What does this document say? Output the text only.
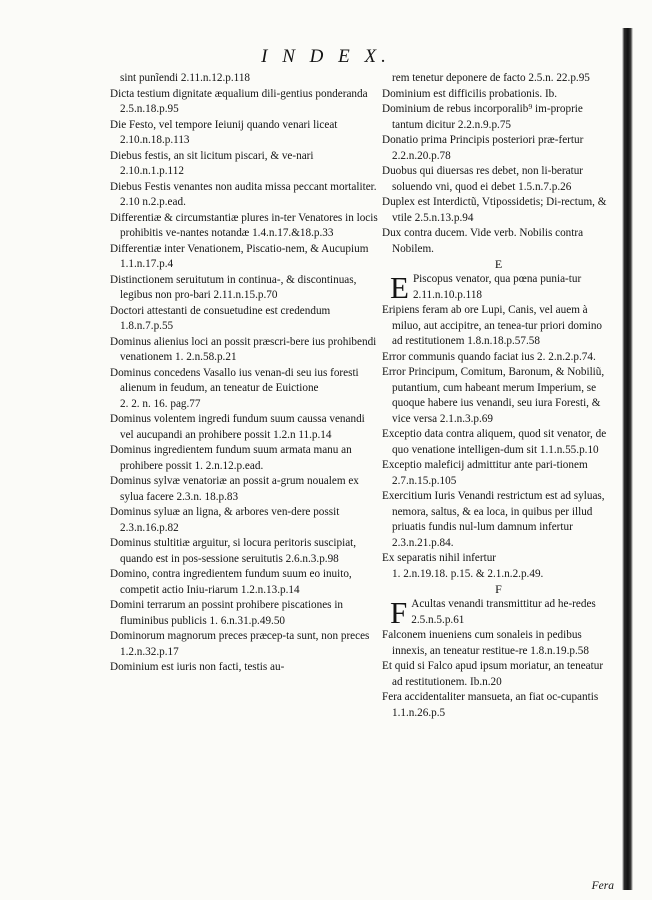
I N D E X.
sint punĩendi 2.11.n.12.p.118
Dicta testium dignitate æqualium dili-gentius ponderanda 2.5.n.18.p.95
Die Festo, vel tempore Ieiunij quando venari liceat 2.10.n.18.p.113
Diebus festis, an sit licitum piscari, & ve-nari 2.10.n.1.p.112
Diebus Festis venantes non audita missa peccant mortaliter. 2.10 n.2.p.ead.
Differentiæ & circumstantiæ plures in-ter Venatores in locis prohibitis ve-nantes notandæ 1.4.n.17.&18.p.33
Differentiæ inter Venationem, Piscatio-nem, & Aucupium 1.1.n.17.p.4
Distinctionem seruitutum in continua-, & discontinuas, legibus non pro-bari 2.11.n.15.p.70
Doctori attestanti de consuetudine est credendum 1.8.n.7.p.55
Dominus alienius loci an possit præscri-bere ius prohibendi venationem 1. 2.n.58.p.21
Dominus concedens Vasallo ius venan-di seu ius foresti alienum in feudum, an teneatur de Euictione 2. 2. n. 16. pag.77
Dominus volentem ingredi fundum suum caussa venandi vel aucupandi an prohibere possit 1.2.n 11.p.14
Dominus ingredientem fundum suum armata manu an prohibere possit 1. 2.n.12.p.ead.
Dominus sylvæ venatoriæ an possit a-grum noualem ex sylua facere 2.3.n. 18.p.83
Dominus syluæ an ligna, & arbores ven-dere possit 2.3.n.16.p.82
Dominus stultitiæ arguitur, si locura peritoris suscipiat, quando est in pos-sessione seruitutis 2.6.n.3.p.98
Domino, contra ingredientem fundum suum eo inuito, competit actio Iniu-riarum 1.2.n.13.p.14
Domini terrarum an possint prohibere piscationes in fluminibus publicis 1. 6.n.31.p.49.50
Dominorum magnorum preces præcep-ta sunt, non preces 1.2.n.32.p.17
Dominium est iuris non facti, testis au-
rem tenetur deponere de facto 2.5.n. 22.p.95
Dominium est difficilis probationis. Ib.
Dominium de rebus incorporalib⁹ im-proprie tantum dicitur 2.2.n.9.p.75
Donatio prima Principis posteriori præ-fertur 2.2.n.20.p.78
Duobus qui diuersas res debet, non li-beratur soluendo vni, quod ei debet 1.5.n.7.p.26
Duplex est Interdictũ, Vtipossidetis; Di-rectum, & vtile 2.5.n.13.p.94
Dux contra ducem. Vide verb. Nobilis contra Nobilem.
E
E Piscopus venator, qua pœna punia-tur 2.11.n.10.p.118
Eripiens feram ab ore Lupi, Canis, vel auem à miluo, aut accipitre, an tenea-tur priori domino ad restitutionem 1.8.n.18.p.57.58
Error communis quando faciat ius 2. 2.n.2.p.74.
Error Principum, Comitum, Baronum, & Nobiliũ, putantium, cum habeant merum Imperium, se quoque habere ius venandi, seu iura Foresti, & vice versa 2.1.n.3.p.69
Exceptio data contra aliquem, quod sit venator, de quo venatione intelligen-dum sit 1.1.n.55.p.10
Exceptio maleficij admittitur ante pari-tionem 2.7.n.15.p.105
Exercitium Iuris Venandi restrictum est ad syluas, nemora, saltus, & ea loca, in quibus per illud priuatis fundis nul-lum damnum infertur 2.3.n.21.p.84.
Ex separatis nihil infertur 1. 2.n.19.18. p.15. & 2.1.n.2.p.49.
F
F Acultas venandi transmittitur ad he-redes 2.5.n.5.p.61
Falconem inueniens cum sonaleis in pedibus innexis, an teneatur restitue-re 1.8.n.19.p.58
Et quid si Falco apud ipsum moriatur, an teneatur ad restitutionem. Ib.n.20
Fera accidentaliter mansueta, an fiat oc-cupantis 1.1.n.26.p.5
Fera
